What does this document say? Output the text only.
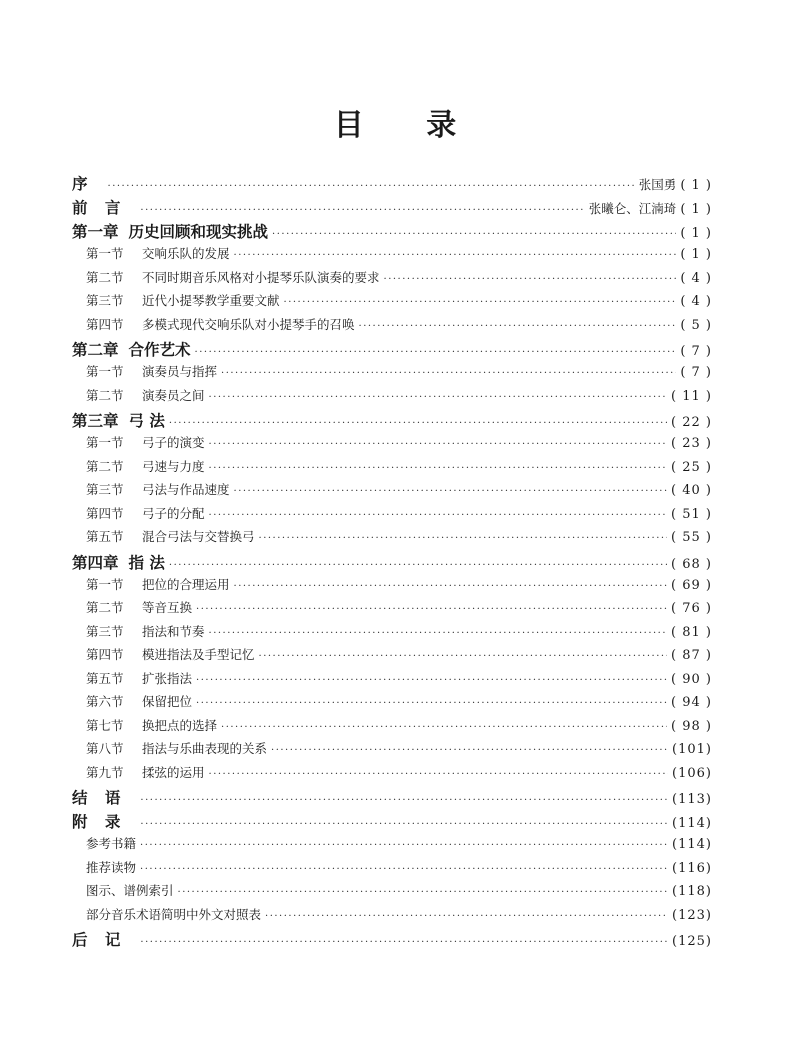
目 录
序 ·····	张国勇 ( 1 )
前 言 ·····	张曦仑、江湳琦 ( 1 )
第一章 历史回顾和现实挑战 ·····	( 1 )
第一节	交响乐队的发展 ·····	( 1 )
第二节	不同时期音乐风格对小提琴乐队演奏的要求 ·····	( 4 )
第三节	近代小提琴教学重要文献 ·····	( 4 )
第四节	多模式现代交响乐队对小提琴手的召唤 ·····	( 5 )
第二章 合作艺术 ·····	( 7 )
第一节	演奏员与指挥 ·····	( 7 )
第二节	演奏员之间 ·····	( 11 )
第三章 弓 法 ·····	( 22 )
第一节	弓子的演变 ·····	( 23 )
第二节	弓速与力度 ·····	( 25 )
第三节	弓法与作品速度 ·····	( 40 )
第四节	弓子的分配 ·····	( 51 )
第五节	混合弓法与交替换弓 ·····	( 55 )
第四章 指 法 ·····	( 68 )
第一节	把位的合理运用 ·····	( 69 )
第二节	等音互换 ·····	( 76 )
第三节	指法和节奏 ·····	( 81 )
第四节	模进指法及手型记忆 ·····	( 87 )
第五节	扩张指法 ·····	( 90 )
第六节	保留把位 ·····	( 94 )
第七节	换把点的选择 ·····	( 98 )
第八节	指法与乐曲表现的关系 ·····	(101)
第九节	揉弦的运用 ·····	(106)
结 语 ·····	(113)
附 录 ·····	(114)
参考书籍 ·····	(114)
推荐读物 ·····	(116)
图示、谱例索引 ·····	(118)
部分音乐术语简明中外文对照表 ·····	(123)
后 记 ·····	(125)
